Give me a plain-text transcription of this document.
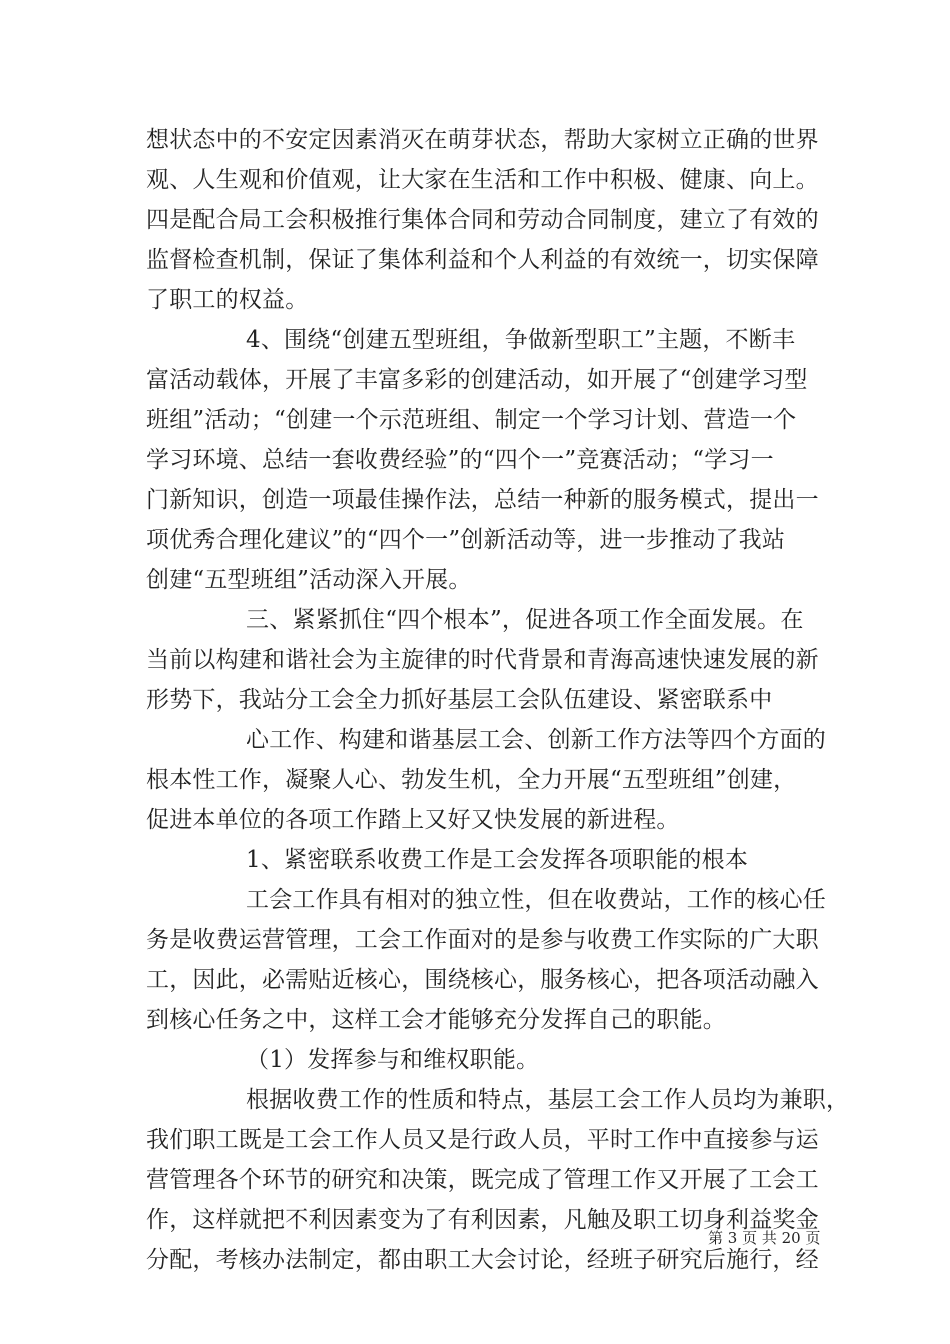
想状态中的不安定因素消灭在萌芽状态，帮助大家树立正确的世界
观、人生观和价值观，让大家在生活和工作中积极、健康、向上。
四是配合局工会积极推行集体合同和劳动合同制度，建立了有效的
监督检查机制，保证了集体利益和个人利益的有效统一，切实保障
了职工的权益。
4、围绕“创建五型班组，争做新型职工”主题，不断丰
富活动载体，开展了丰富多彩的创建活动，如开展了“创建学习型
班组”活动；“创建一个示范班组、制定一个学习计划、营造一个
学习环境、总结一套收费经验”的“四个一”竞赛活动；“学习一
门新知识，创造一项最佳操作法，总结一种新的服务模式，提出一
项优秀合理化建议”的“四个一”创新活动等，进一步推动了我站
创建“五型班组”活动深入开展。
三、紧紧抓住“四个根本”，促进各项工作全面发展。在
当前以构建和谐社会为主旋律的时代背景和青海高速快速发展的新
形势下，我站分工会全力抓好基层工会队伍建设、紧密联系中
心工作、构建和谐基层工会、创新工作方法等四个方面的
根本性工作，凝聚人心、勃发生机，全力开展“五型班组”创建，
促进本单位的各项工作踏上又好又快发展的新进程。
1、紧密联系收费工作是工会发挥各项职能的根本
工会工作具有相对的独立性，但在收费站，工作的核心任
务是收费运营管理，工会工作面对的是参与收费工作实际的广大职
工，因此，必需贴近核心，围绕核心，服务核心，把各项活动融入
到核心任务之中，这样工会才能够充分发挥自己的职能。
（1）发挥参与和维权职能。
根据收费工作的性质和特点，基层工会工作人员均为兼职，
我们职工既是工会工作人员又是行政人员，平时工作中直接参与运
营管理各个环节的研究和决策，既完成了管理工作又开展了工会工
作，这样就把不利因素变为了有利因素，凡触及职工切身利益奖金
分配，考核办法制定，都由职工大会讨论，经班子研究后施行，经
第 3 页 共 20 页
